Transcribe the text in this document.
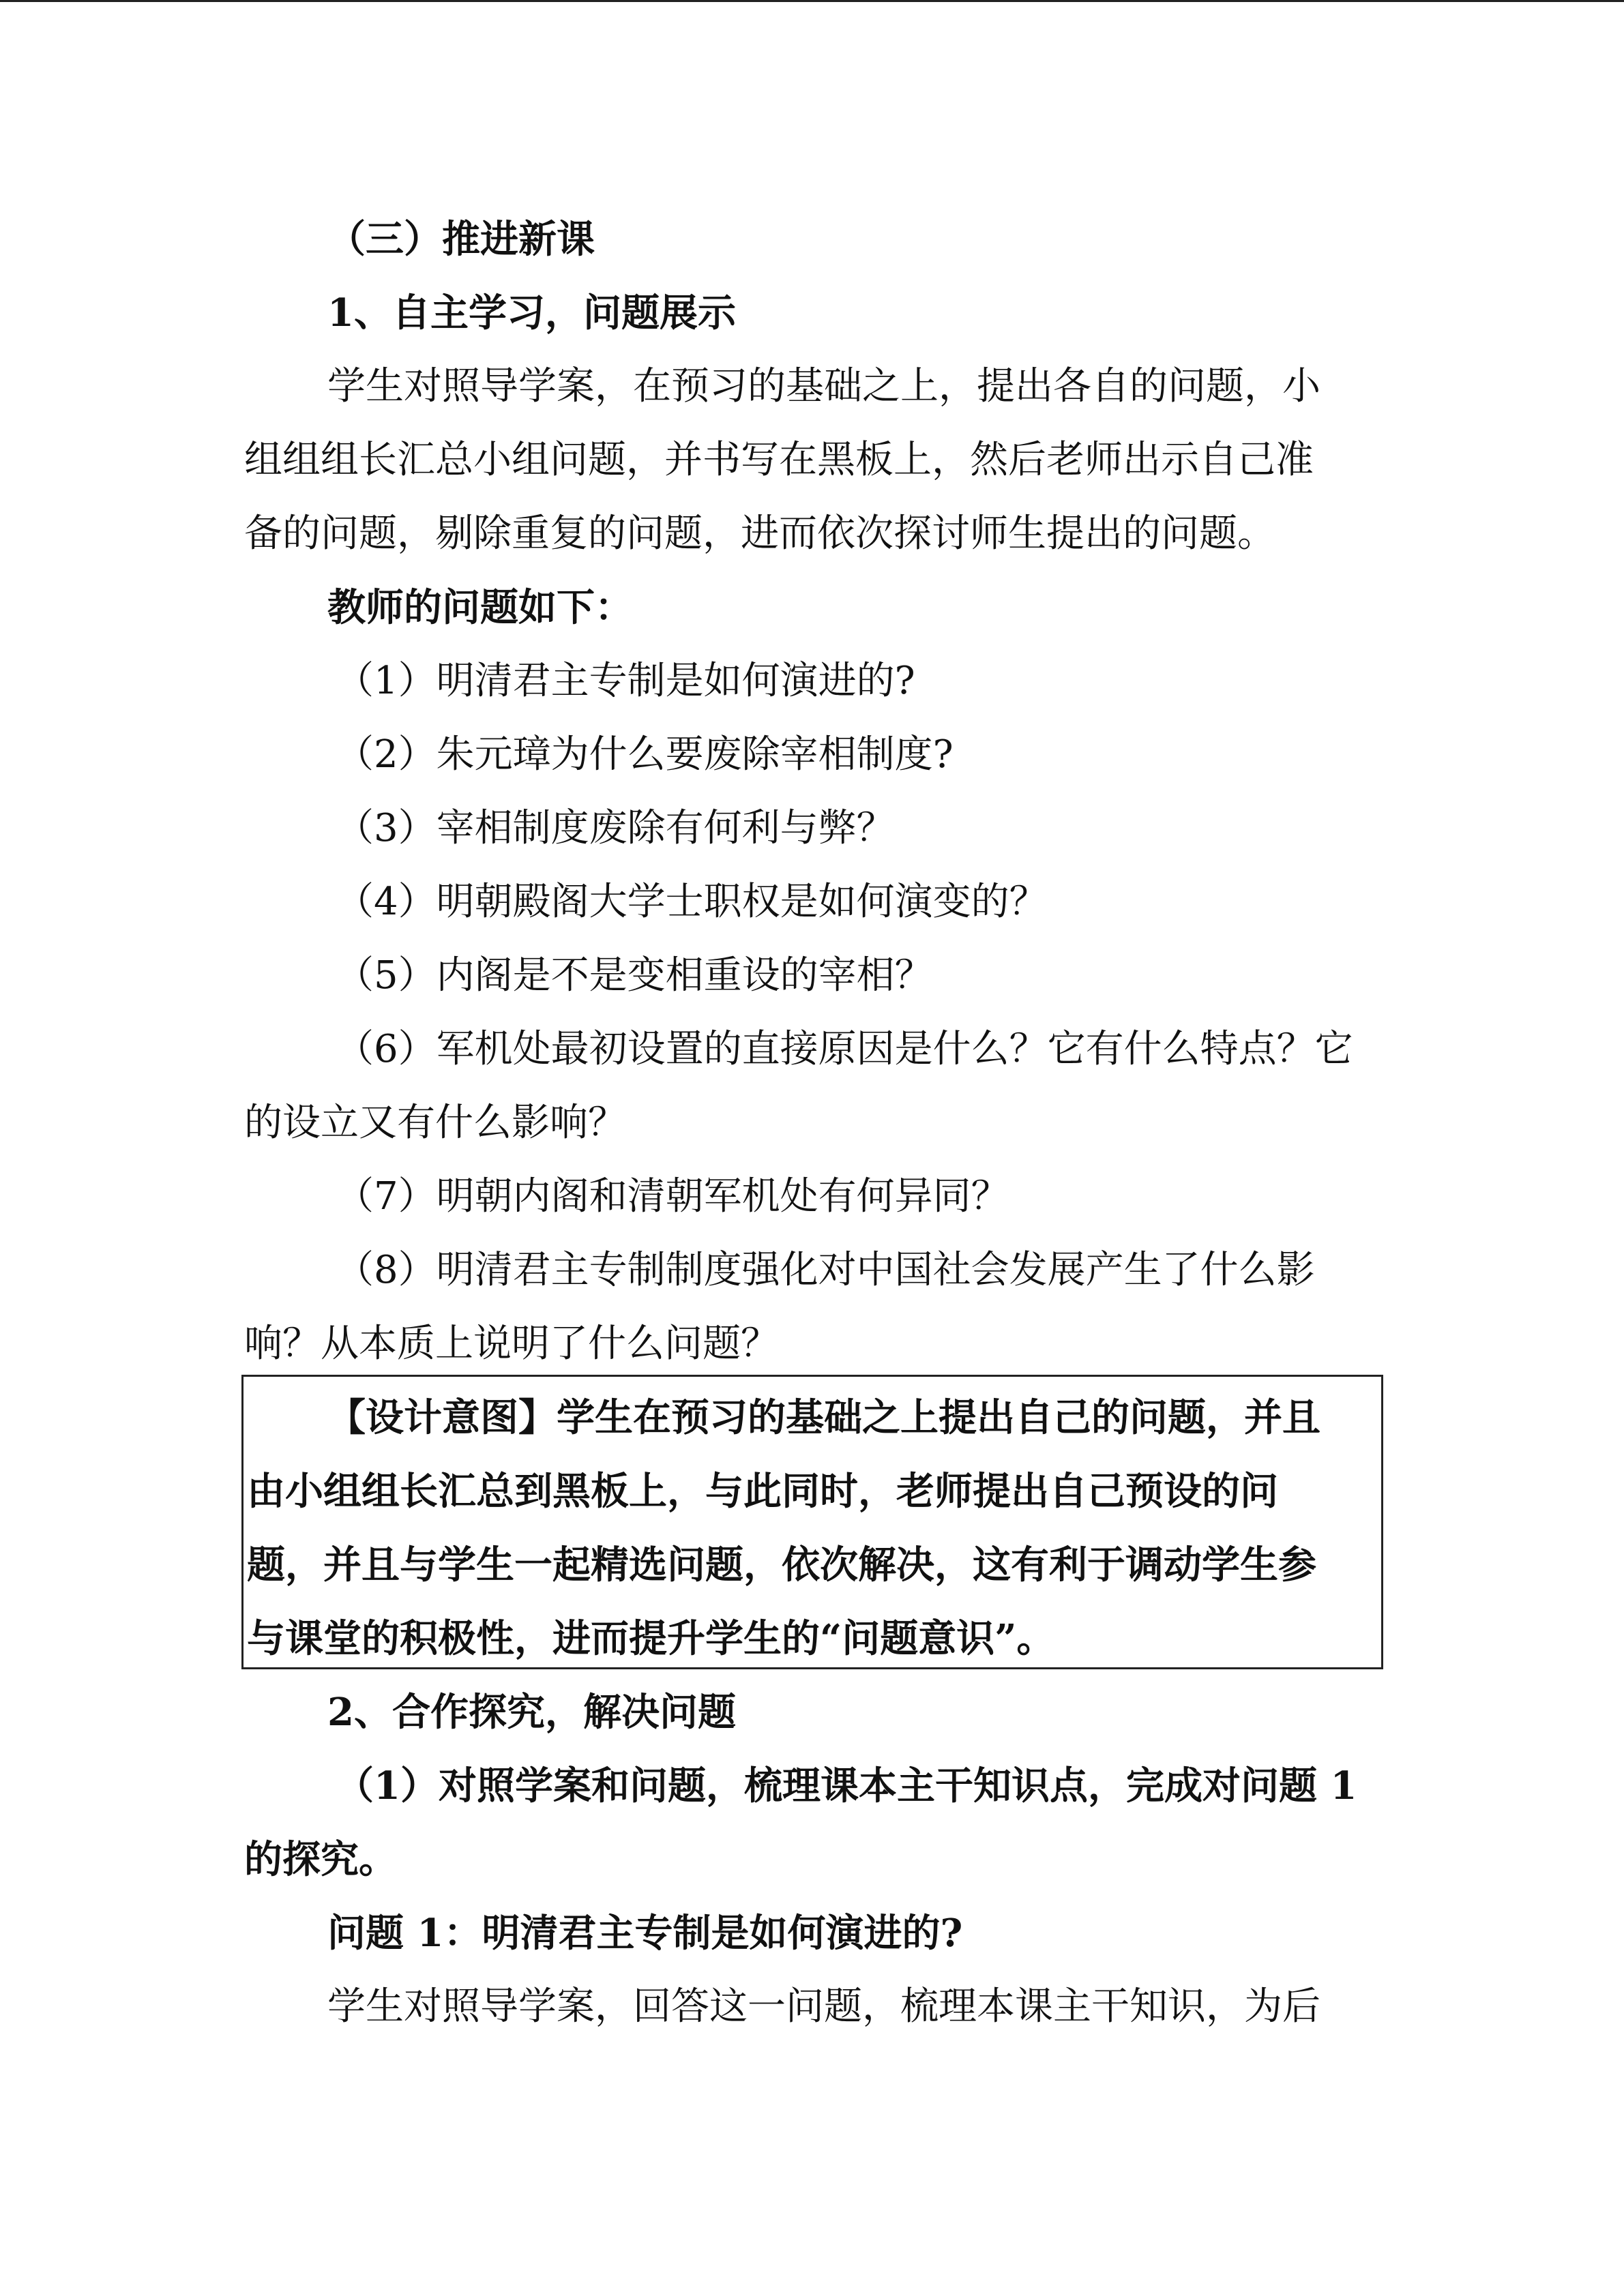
（三）推进新课
1、自主学习，问题展示
学生对照导学案，在预习的基础之上，提出各自的问题，小
组组组长汇总小组问题，并书写在黑板上，然后老师出示自己准
备的问题，剔除重复的问题，进而依次探讨师生提出的问题。
教师的问题如下：
（1）明清君主专制是如何演进的?
（2）朱元璋为什么要废除宰相制度?
（3）宰相制度废除有何利与弊？
（4）明朝殿阁大学士职权是如何演变的？
（5）内阁是不是变相重设的宰相？
（6）军机处最初设置的直接原因是什么？它有什么特点？它
的设立又有什么影响？
（7）明朝内阁和清朝军机处有何异同？
（8）明清君主专制制度强化对中国社会发展产生了什么影
响？从本质上说明了什么问题？
【设计意图】学生在预习的基础之上提出自己的问题，并且
由小组组长汇总到黑板上，与此同时，老师提出自己预设的问
题，并且与学生一起精选问题，依次解决，这有利于调动学生参
与课堂的积极性，进而提升学生的“问题意识”。
2、合作探究，解决问题
（1）对照学案和问题，梳理课本主干知识点，完成对问题 1
的探究。
问题 1：明清君主专制是如何演进的?
学生对照导学案，回答这一问题，梳理本课主干知识，为后
